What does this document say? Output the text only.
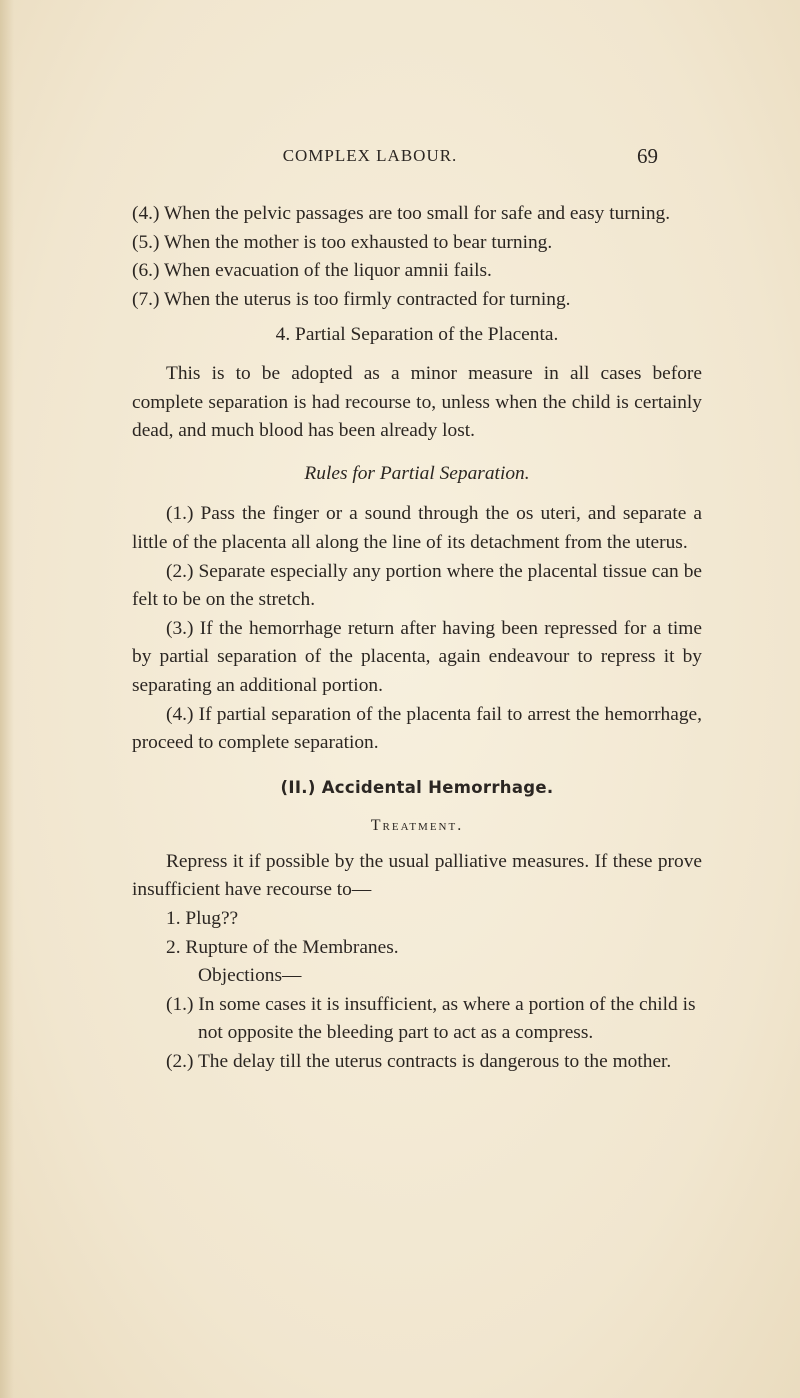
COMPLEX LABOUR.	69

(4.) When the pelvic passages are too small for safe and easy turning.

(5.) When the mother is too exhausted to bear turning.

(6.) When evacuation of the liquor amnii fails.

(7.) When the uterus is too firmly contracted for turning.

4. Partial Separation of the Placenta.

This is to be adopted as a minor measure in all cases before complete separation is had recourse to, unless when the child is certainly dead, and much blood has been already lost.

Rules for Partial Separation.

(1.) Pass the finger or a sound through the os uteri, and separate a little of the placenta all along the line of its detachment from the uterus.

(2.) Separate especially any portion where the placental tissue can be felt to be on the stretch.

(3.) If the hemorrhage return after having been repressed for a time by partial separation of the placenta, again endeavour to repress it by separating an additional portion.

(4.) If partial separation of the placenta fail to arrest the hemorrhage, proceed to complete separation.

(II.) Accidental Hemorrhage.

Treatment.

Repress it if possible by the usual palliative measures. If these prove insufficient have recourse to—

1. Plug??

2. Rupture of the Membranes.

Objections—

(1.) In some cases it is insufficient, as where a portion of the child is not opposite the bleeding part to act as a compress.

(2.) The delay till the uterus contracts is dangerous to the mother.
